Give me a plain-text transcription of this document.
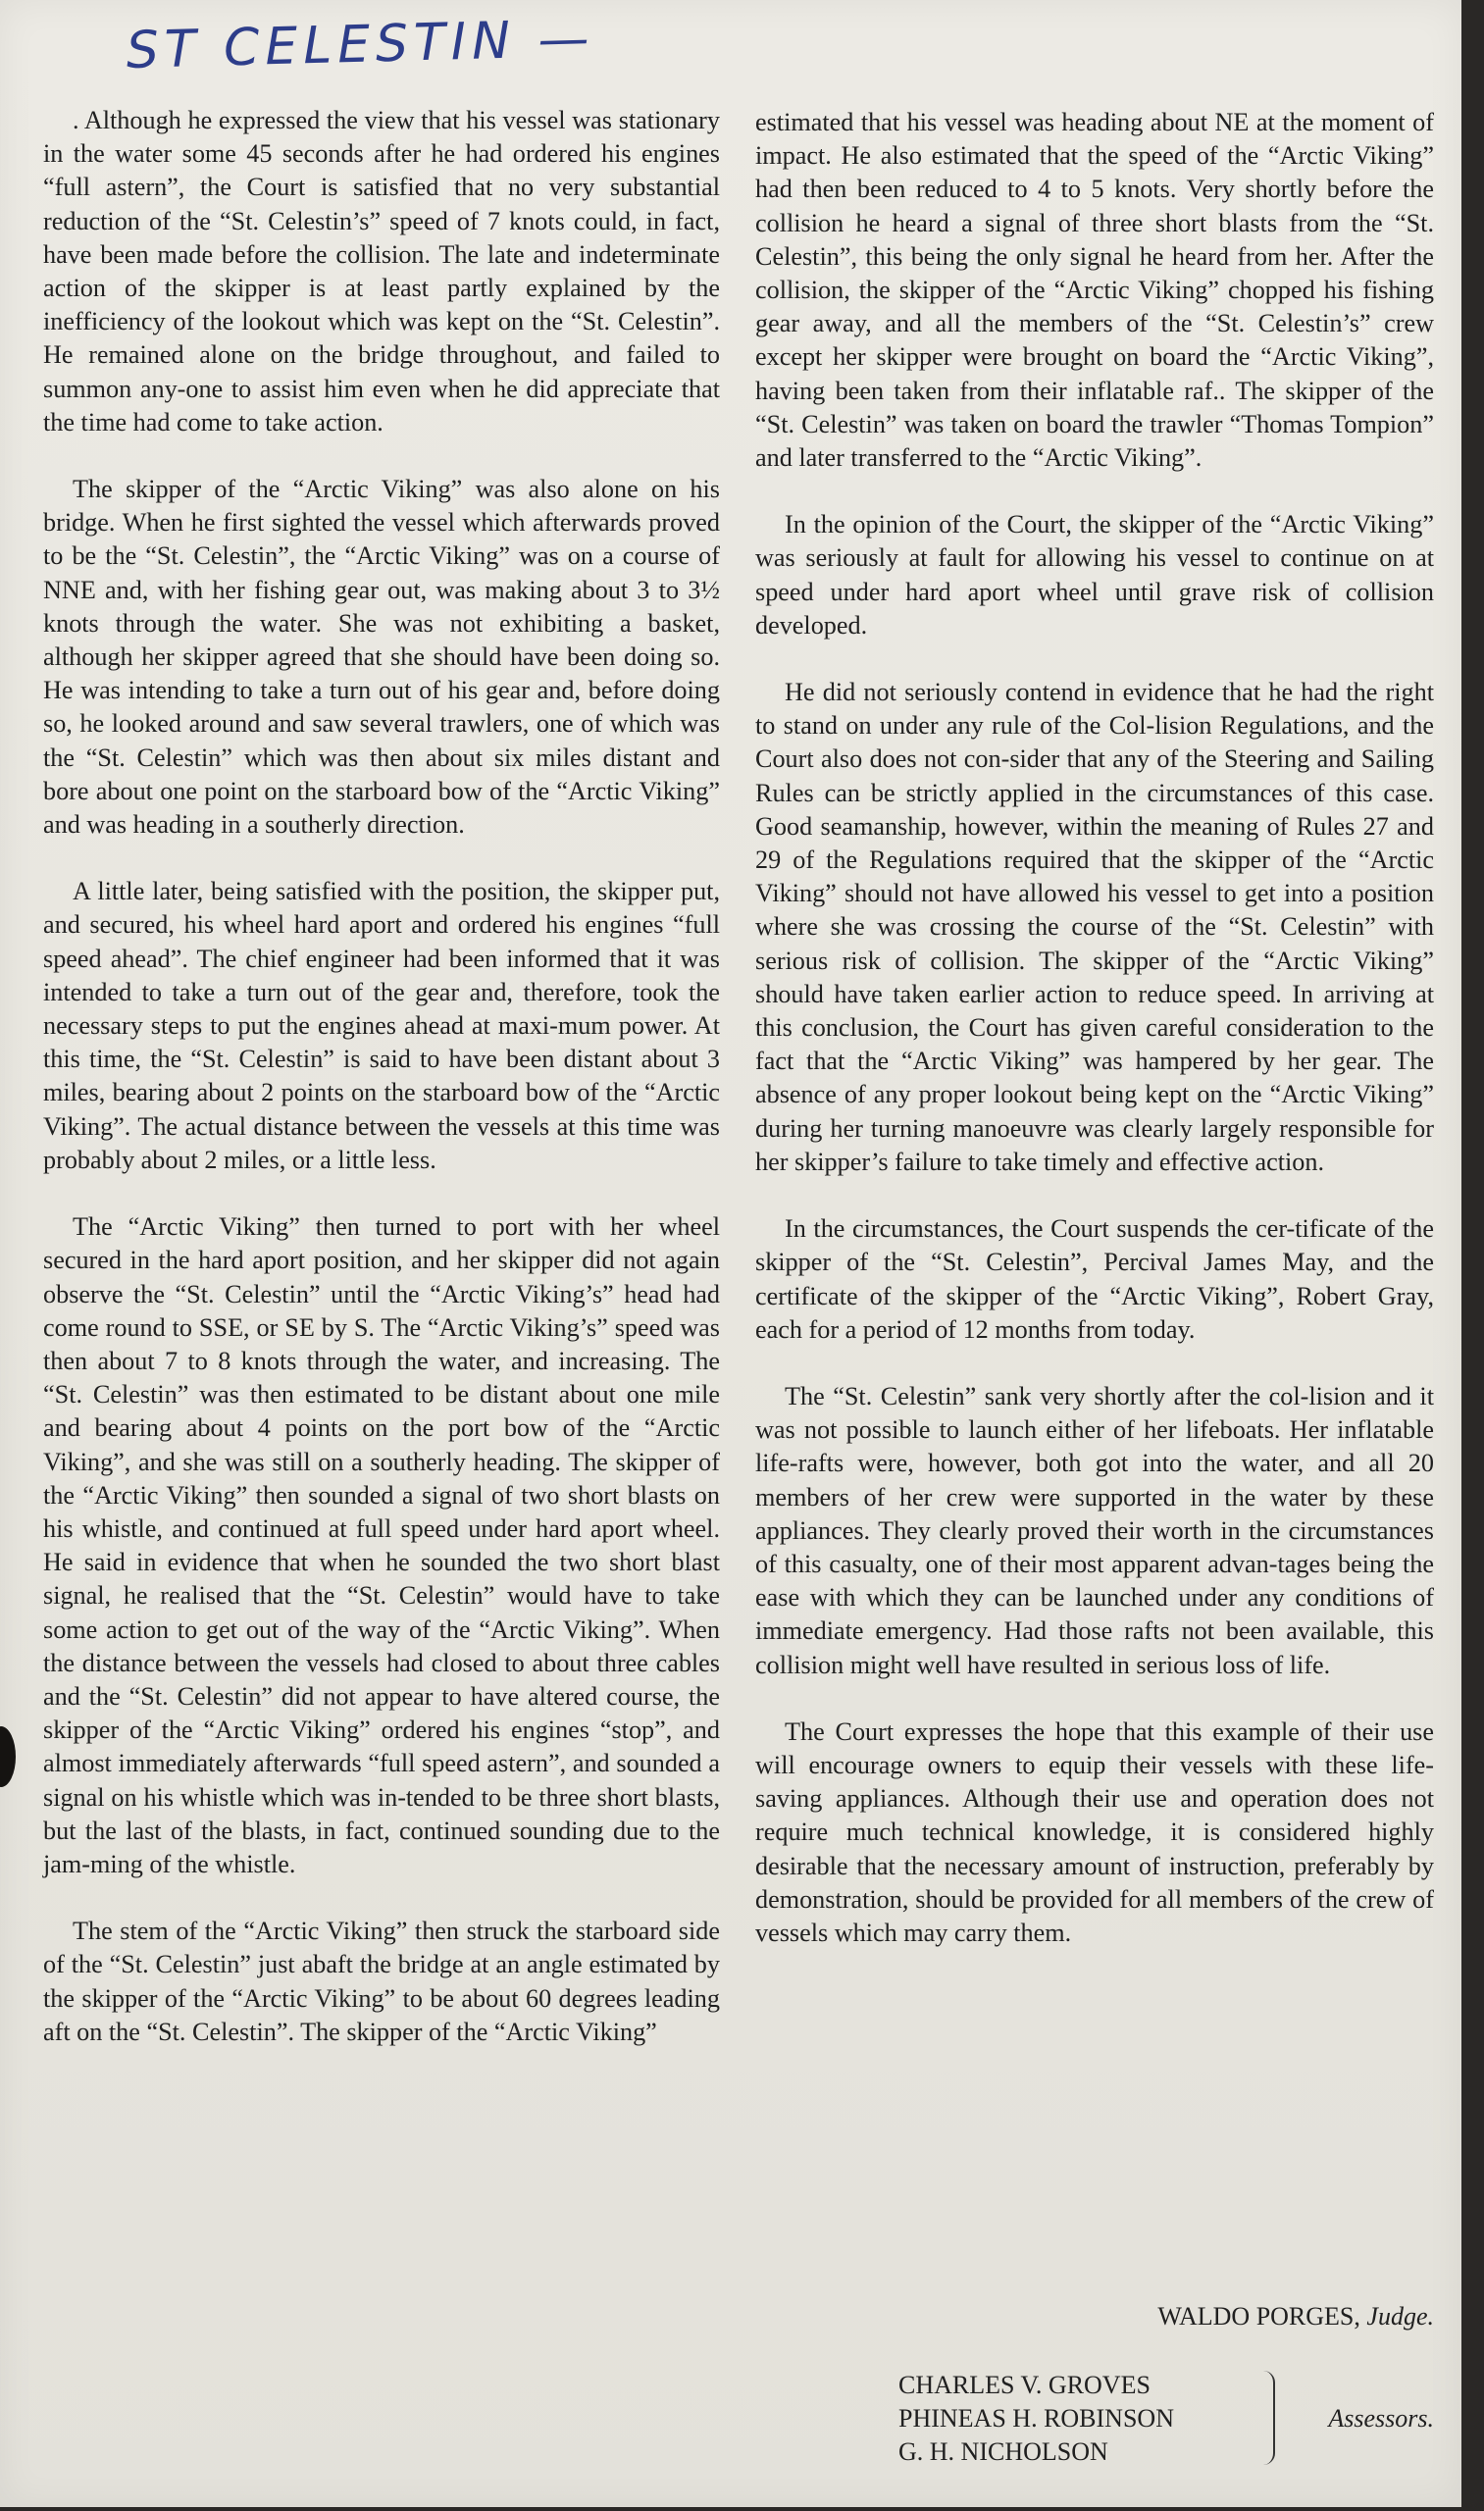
ST CELESTIN —

. Although he expressed the view that his vessel was stationary in the water some 45 seconds after he had ordered his engines “full astern”, the Court is satisfied that no very substantial reduction of the “St. Celestin’s” speed of 7 knots could, in fact, have been made before the collision. The late and indeterminate action of the skipper is at least partly explained by the inefficiency of the lookout which was kept on the “St. Celestin”. He remained alone on the bridge throughout, and failed to summon any-one to assist him even when he did appreciate that the time had come to take action.

The skipper of the “Arctic Viking” was also alone on his bridge. When he first sighted the vessel which afterwards proved to be the “St. Celestin”, the “Arctic Viking” was on a course of NNE and, with her fishing gear out, was making about 3 to 3½ knots through the water. She was not exhibiting a basket, although her skipper agreed that she should have been doing so. He was intending to take a turn out of his gear and, before doing so, he looked around and saw several trawlers, one of which was the “St. Celestin” which was then about six miles distant and bore about one point on the starboard bow of the “Arctic Viking” and was heading in a southerly direction.

A little later, being satisfied with the position, the skipper put, and secured, his wheel hard aport and ordered his engines “full speed ahead”. The chief engineer had been informed that it was intended to take a turn out of the gear and, therefore, took the necessary steps to put the engines ahead at maxi-mum power. At this time, the “St. Celestin” is said to have been distant about 3 miles, bearing about 2 points on the starboard bow of the “Arctic Viking”. The actual distance between the vessels at this time was probably about 2 miles, or a little less.

The “Arctic Viking” then turned to port with her wheel secured in the hard aport position, and her skipper did not again observe the “St. Celestin” until the “Arctic Viking’s” head had come round to SSE, or SE by S. The “Arctic Viking’s” speed was then about 7 to 8 knots through the water, and increasing. The “St. Celestin” was then estimated to be distant about one mile and bearing about 4 points on the port bow of the “Arctic Viking”, and she was still on a southerly heading. The skipper of the “Arctic Viking” then sounded a signal of two short blasts on his whistle, and continued at full speed under hard aport wheel. He said in evidence that when he sounded the two short blast signal, he realised that the “St. Celestin” would have to take some action to get out of the way of the “Arctic Viking”. When the distance between the vessels had closed to about three cables and the “St. Celestin” did not appear to have altered course, the skipper of the “Arctic Viking” ordered his engines “stop”, and almost immediately afterwards “full speed astern”, and sounded a signal on his whistle which was in-tended to be three short blasts, but the last of the blasts, in fact, continued sounding due to the jam-ming of the whistle.

The stem of the “Arctic Viking” then struck the starboard side of the “St. Celestin” just abaft the bridge at an angle estimated by the skipper of the “Arctic Viking” to be about 60 degrees leading aft on the “St. Celestin”. The skipper of the “Arctic Viking”

estimated that his vessel was heading about NE at the moment of impact. He also estimated that the speed of the “Arctic Viking” had then been reduced to 4 to 5 knots. Very shortly before the collision he heard a signal of three short blasts from the “St. Celestin”, this being the only signal he heard from her. After the collision, the skipper of the “Arctic Viking” chopped his fishing gear away, and all the members of the “St. Celestin’s” crew except her skipper were brought on board the “Arctic Viking”, having been taken from their inflatable raf.. The skipper of the “St. Celestin” was taken on board the trawler “Thomas Tompion” and later transferred to the “Arctic Viking”.

In the opinion of the Court, the skipper of the “Arctic Viking” was seriously at fault for allowing his vessel to continue on at speed under hard aport wheel until grave risk of collision developed.

He did not seriously contend in evidence that he had the right to stand on under any rule of the Col-lision Regulations, and the Court also does not con-sider that any of the Steering and Sailing Rules can be strictly applied in the circumstances of this case. Good seamanship, however, within the meaning of Rules 27 and 29 of the Regulations required that the skipper of the “Arctic Viking” should not have allowed his vessel to get into a position where she was crossing the course of the “St. Celestin” with serious risk of collision. The skipper of the “Arctic Viking” should have taken earlier action to reduce speed. In arriving at this conclusion, the Court has given careful consideration to the fact that the “Arctic Viking” was hampered by her gear. The absence of any proper lookout being kept on the “Arctic Viking” during her turning manoeuvre was clearly largely responsible for her skipper’s failure to take timely and effective action.

In the circumstances, the Court suspends the cer-tificate of the skipper of the “St. Celestin”, Percival James May, and the certificate of the skipper of the “Arctic Viking”, Robert Gray, each for a period of 12 months from today.

The “St. Celestin” sank very shortly after the col-lision and it was not possible to launch either of her lifeboats. Her inflatable life-rafts were, however, both got into the water, and all 20 members of her crew were supported in the water by these appliances. They clearly proved their worth in the circumstances of this casualty, one of their most apparent advan-tages being the ease with which they can be launched under any conditions of immediate emergency. Had those rafts not been available, this collision might well have resulted in serious loss of life.

The Court expresses the hope that this example of their use will encourage owners to equip their vessels with these life-saving appliances. Although their use and operation does not require much technical knowledge, it is considered highly desirable that the necessary amount of instruction, preferably by demonstration, should be provided for all members of the crew of vessels which may carry them.

WALDO PORGES, Judge.
CHARLES V. GROVES
PHINEAS H. ROBINSON
G. H. NICHOLSON
Assessors.
